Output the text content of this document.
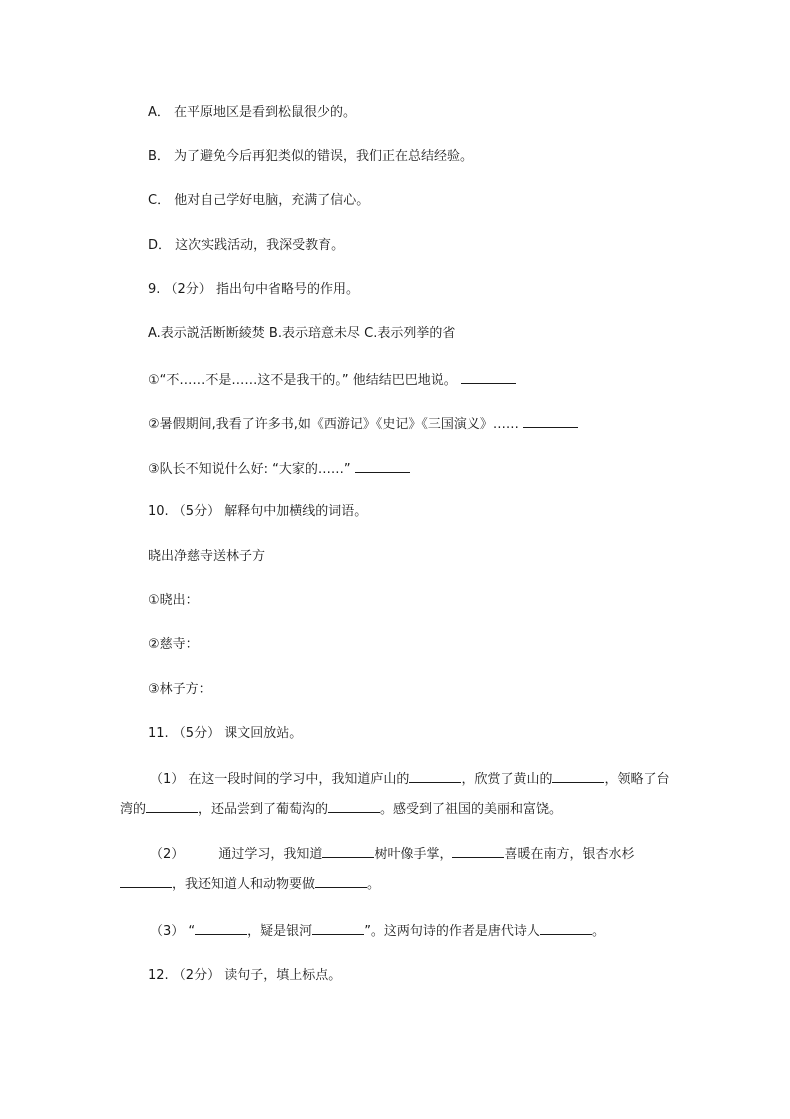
A． 在平原地区是看到松鼠很少的。
B． 为了避免今后再犯类似的错误，我们正在总结经验。
C． 他对自己学好电脑，充满了信心。
D． 这次实践活动，我深受教育。
9. （2分） 指出句中省略号的作用。
A.表示説活断断綾焚 B.表示琣意未尽 C.表示列挙的省
①“不……不是……这不是我干的。” 他结结巴巴地说。
②暑假期间,我看了许多书,如《西游记》《史记》《三国演义》……
③队长不知说什么好: “大家的……”
10. （5分） 解释句中加横线的词语。
晓出净慈寺送林子方
①晓出：
②慈寺：
③林子方：
11. （5分） 课文回放站。
（1） 在这一段时间的学习中，我知道庐山的	，欣赏了黄山的	，领略了台湾的	，还品尝到了葡萄沟的	。感受到了祖国的美丽和富饶。
（2）	通过学习，我知道	树叶像手掌，	喜暖在南方，银杏水杉，我还知道人和动物要做	。
（3） “	，疑是银河	”。这两句诗的作者是唐代诗人	。
12. （2分） 读句子，填上标点。
